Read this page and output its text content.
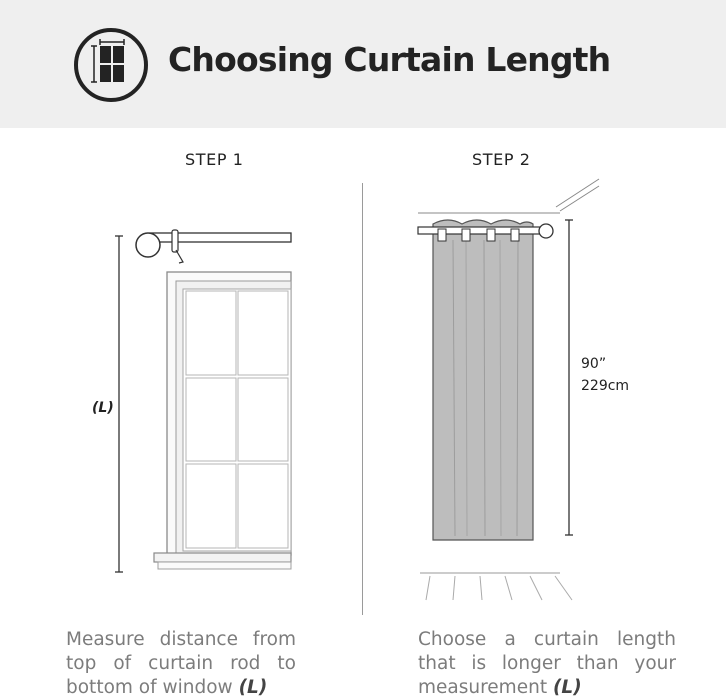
Choosing Curtain Length
STEP 1	STEP 2
(L)
90”
229cm
Measure distance from top of curtain rod to bottom of window (L)
Choose a curtain length that is longer than your measurement (L)
